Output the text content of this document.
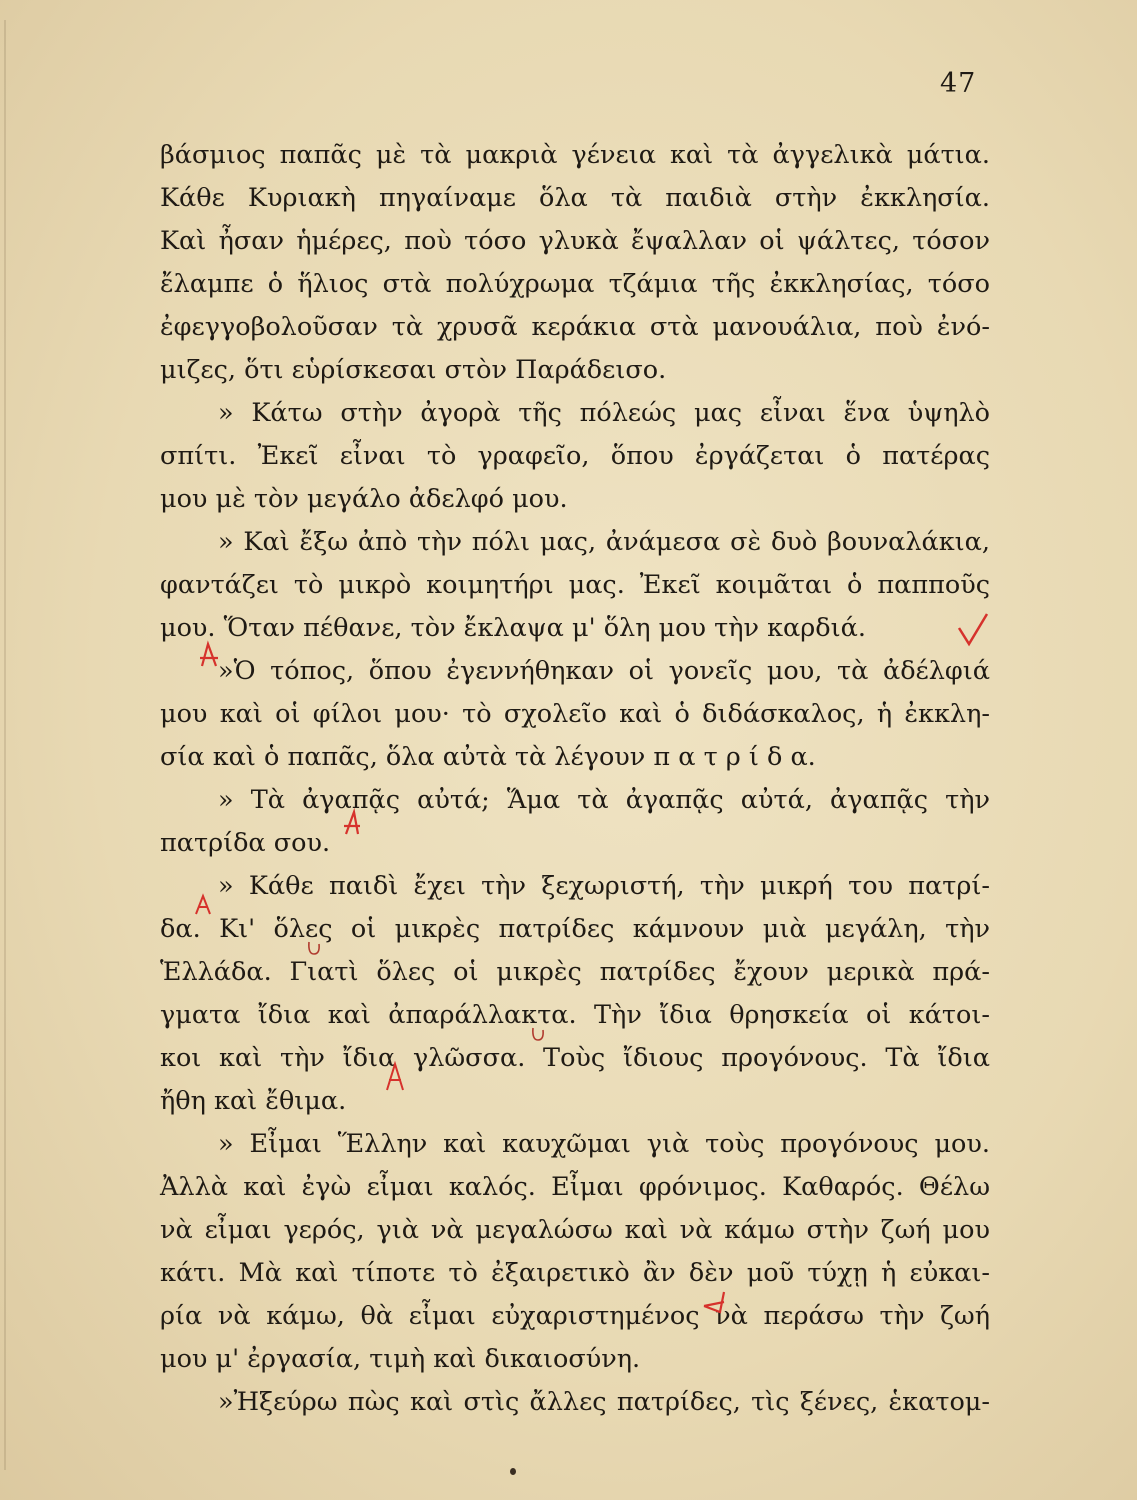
47
βάσμιος παπᾶς μὲ τὰ μακριὰ γένεια καὶ τὰ ἀγγελικὰ μάτια.
Κάθε Κυριακὴ πηγαίναμε ὅλα τὰ παιδιὰ στὴν ἐκκλησία.
Καὶ ἦσαν ἡμέρες, ποὺ τόσο γλυκὰ ἔψαλλαν οἱ ψάλτες, τόσον
ἔλαμπε ὁ ἥλιος στὰ πολύχρωμα τζάμια τῆς ἐκκλησίας, τόσο
ἐφεγγοβολοῦσαν τὰ χρυσᾶ κεράκια στὰ μανουάλια, ποὺ ἐνό-
μιζες, ὅτι εὑρίσκεσαι στὸν Παράδεισο.
» Κάτω στὴν ἀγορὰ τῆς πόλεώς μας εἶναι ἕνα ὑψηλὸ
σπίτι. Ἐκεῖ εἶναι τὸ γραφεῖο, ὅπου ἐργάζεται ὁ πατέρας
μου μὲ τὸν μεγάλο ἀδελφό μου.
» Καὶ ἔξω ἀπὸ τὴν πόλι μας, ἀνάμεσα σὲ δυὸ βουναλάκια,
φαντάζει τὸ μικρὸ κοιμητήρι μας. Ἐκεῖ κοιμᾶται ὁ παπποῦς
μου. Ὅταν πέθανε, τὸν ἔκλαψα μ' ὅλη μου τὴν καρδιά.
»Ὁ τόπος, ὅπου ἐγεννήθηκαν οἱ γονεῖς μου, τὰ ἀδέλφιά
μου καὶ οἱ φίλοι μου· τὸ σχολεῖο καὶ ὁ διδάσκαλος, ἡ ἐκκλη-
σία καὶ ὁ παπᾶς, ὅλα αὐτὰ τὰ λέγουν π α τ ρ ί δ α.
» Τὰ ἀγαπᾷς αὐτά; Ἅμα τὰ ἀγαπᾷς αὐτά, ἀγαπᾷς τὴν
πατρίδα σου.
» Κάθε παιδὶ ἔχει τὴν ξεχωριστή, τὴν μικρή του πατρί-
δα. Κι' ὅλες οἱ μικρὲς πατρίδες κάμνουν μιὰ μεγάλη, τὴν
Ἑλλάδα. Γιατὶ ὅλες οἱ μικρὲς πατρίδες ἔχουν μερικὰ πρά-
γματα ἴδια καὶ ἀπαράλλακτα. Τὴν ἴδια θρησκεία οἱ κάτοι-
κοι καὶ τὴν ἴδια γλῶσσα. Τοὺς ἴδιους προγόνους. Τὰ ἴδια
ἤθη καὶ ἔθιμα.
» Εἶμαι Ἕλλην καὶ καυχῶμαι γιὰ τοὺς προγόνους μου.
Ἀλλὰ καὶ ἐγὼ εἶμαι καλός. Εἶμαι φρόνιμος. Καθαρός. Θέλω
νὰ εἶμαι γερός, γιὰ νὰ μεγαλώσω καὶ νὰ κάμω στὴν ζωή μου
κάτι. Μὰ καὶ τίποτε τὸ ἐξαιρετικὸ ἂν δὲν μοῦ τύχῃ ἡ εὐκαι-
ρία νὰ κάμω, θὰ εἶμαι εὐχαριστημένος νὰ περάσω τὴν ζωή
μου μ' ἐργασία, τιμὴ καὶ δικαιοσύνη.
»Ἠξεύρω πὼς καὶ στὶς ἄλλες πατρίδες, τὶς ξένες, ἑκατομ-
